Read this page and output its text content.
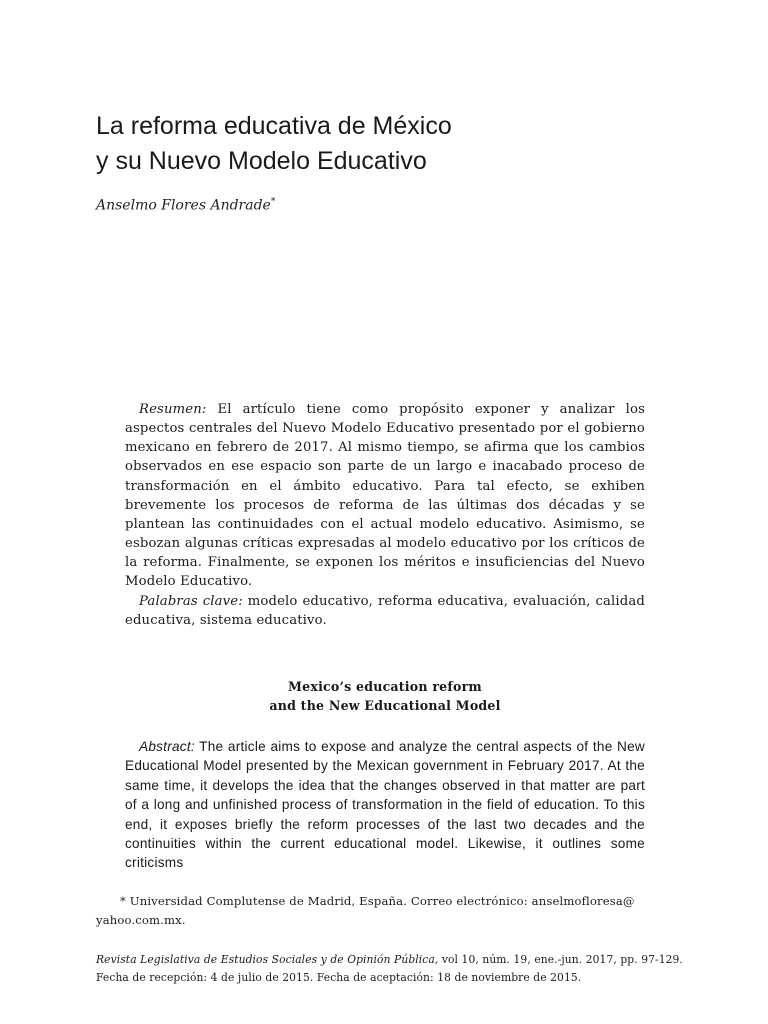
La reforma educativa de México
y su Nuevo Modelo Educativo
Anselmo Flores Andrade*

Resumen: El artículo tiene como propósito exponer y analizar los aspectos centrales del Nuevo Modelo Educativo presentado por el gobierno mexicano en febrero de 2017. Al mismo tiempo, se afirma que los cambios observados en ese espacio son parte de un largo e inacabado proceso de transformación en el ámbito educativo. Para tal efecto, se exhiben brevemente los procesos de reforma de las últimas dos décadas y se plantean las continuidades con el actual modelo educativo. Asimismo, se esbozan algunas críticas expresadas al modelo educativo por los críticos de la reforma. Finalmente, se exponen los méritos e insuficiencias del Nuevo Modelo Educativo.

Palabras clave: modelo educativo, reforma educativa, evaluación, calidad educativa, sistema educativo.

Mexico’s education reform
and the New Educational Model

Abstract: The article aims to expose and analyze the central aspects of the New Educational Model presented by the Mexican government in February 2017. At the same time, it develops the idea that the changes observed in that matter are part of a long and unfinished process of transformation in the field of education. To this end, it exposes briefly the reform processes of the last two decades and the continuities within the current educational model. Likewise, it outlines some criticisms

* Universidad Complutense de Madrid, España. Correo electrónico: anselmofloresa@
yahoo.com.mx.
Revista Legislativa de Estudios Sociales y de Opinión Pública, vol 10, núm. 19, ene.-jun. 2017, pp. 97-129.
Fecha de recepción: 4 de julio de 2015. Fecha de aceptación: 18 de noviembre de 2015.
